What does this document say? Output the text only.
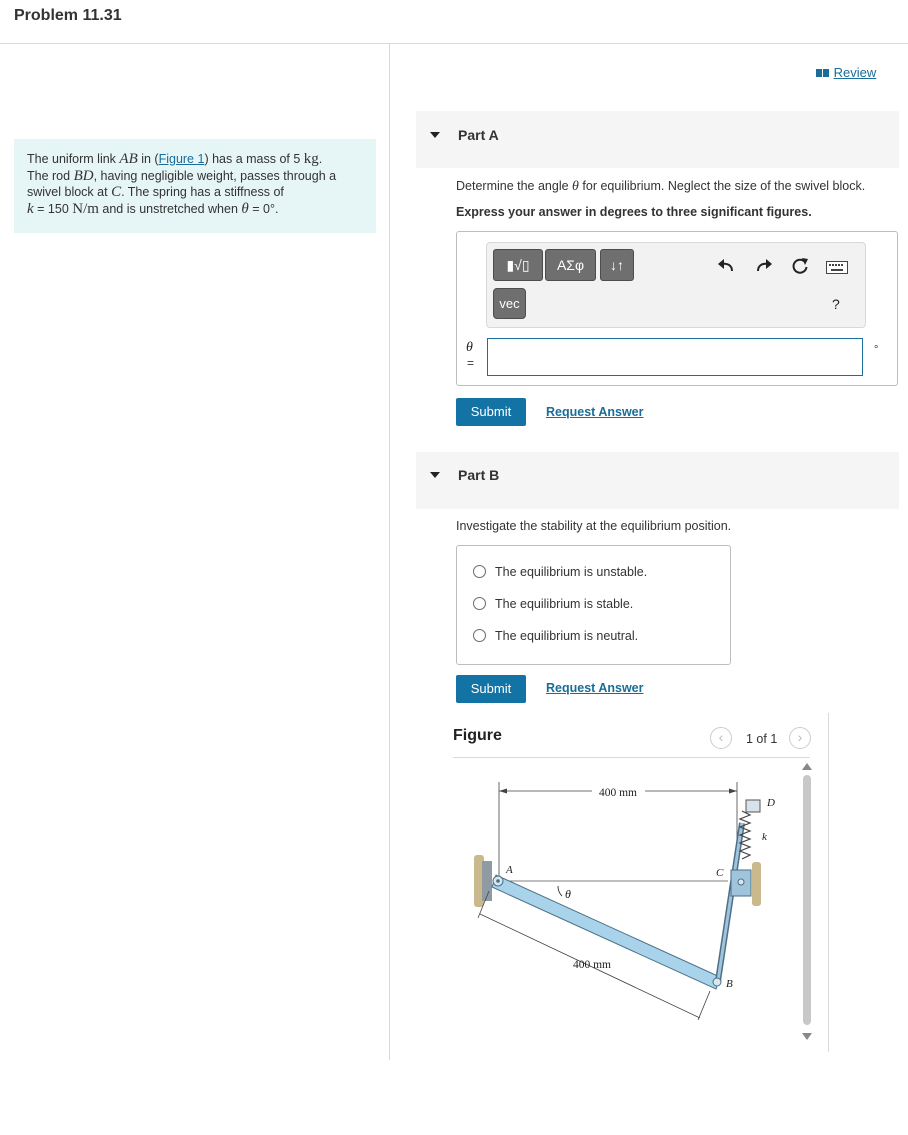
Problem 11.31
The uniform link AB in (Figure 1) has a mass of 5 kg.
The rod BD, having negligible weight, passes through a
swivel block at C. The spring has a stiffness of
k = 150 N/m and is unstretched when θ = 0°.
Review
Part A
Determine the angle θ for equilibrium. Neglect the size of the swivel block.
Express your answer in degrees to three significant figures.
▮√▯	ΑΣφ	↓↑
vec	?
θ
=
°
Submit	Request Answer
Part B
Investigate the stability at the equilibrium position.
The equilibrium is unstable.
The equilibrium is stable.
The equilibrium is neutral.
Submit	Request Answer
Figure	‹	1 of 1	›
400 mm
θ
400 mm
A
B
C
D
k
